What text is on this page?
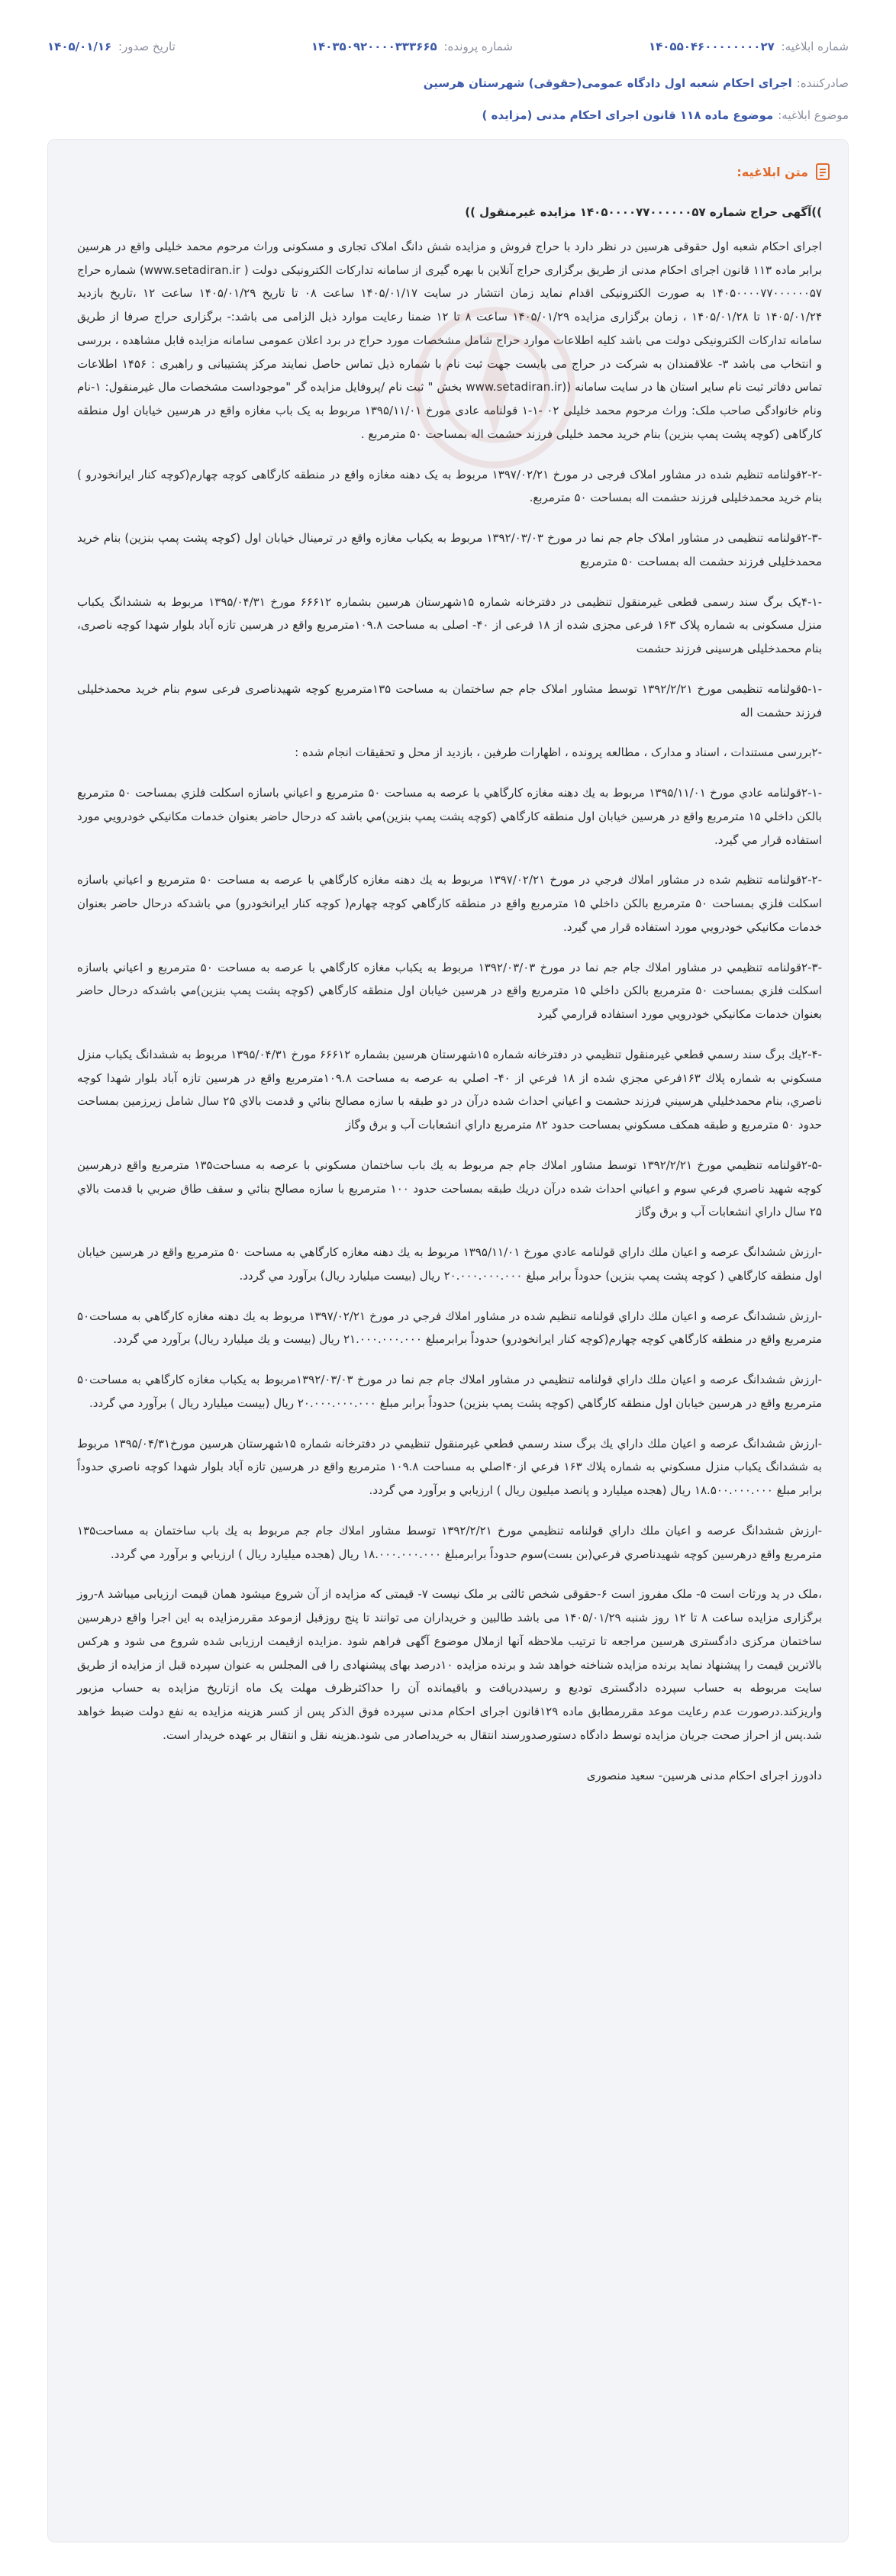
شماره ابلاغیه: ۱۴۰۵۵۰۴۶۰۰۰۰۰۰۰۰۲۷
شماره پرونده: ۱۴۰۳۵۰۹۲۰۰۰۰۳۳۳۶۶۵
تاریخ صدور: ۱۴۰۵/۰۱/۱۶
صادرکننده:
اجرای احکام شعبه اول دادگاه عمومی(حقوقی) شهرستان هرسین
موضوع ابلاغیه:
موضوع ماده ۱۱۸ قانون اجرای احکام مدنی (مزایده )
متن ابلاغیه:

))آگهی حراج شماره ۱۴۰۵۰۰۰۰۷۷۰۰۰۰۰۰۵۷ مزایده غیرمنقول ))

اجرای احکام شعبه اول حقوقی هرسین در نظر دارد با حراج فروش و مزایده شش دانگ املاک تجاری و مسکونی وراث مرحوم محمد خلیلی واقع در هرسین برابر ماده ۱۱۳ قانون اجرای احکام مدنی از طریق برگزاری حراج آنلاین با بهره گیری از سامانه تدارکات الکترونیکی دولت ( www.setadiran.ir) شماره حراج ۱۴۰۵۰۰۰۰۷۷۰۰۰۰۰۰۵۷ به صورت الکترونیکی اقدام نماید زمان انتشار در سایت ۱۴۰۵/۰۱/۱۷ ساعت ۰۸ تا تاریخ ۱۴۰۵/۰۱/۲۹ ساعت ۱۲ ،تاریخ بازدید ۱۴۰۵/۰۱/۲۴ تا ۱۴۰۵/۰۱/۲۸ ، زمان برگزاری مزایده ۱۴۰۵/۰۱/۲۹ ساعت ۸ تا ۱۲ ضمنا رعایت موارد ذیل الزامی می باشد:- برگزاری حراج صرفا از طریق سامانه تدارکات الکترونیکی دولت می باشد کلیه اطلاعات موارد حراج شامل مشخصات مورد حراج در برد اعلان عمومی سامانه مزایده قابل مشاهده ، بررسی و انتخاب می باشد ۳- علاقمندان به شرکت در حراج می بایست جهت ثبت نام با شماره ذیل تماس حاصل نمایند مرکز پشتیبانی و راهبری : ۱۴۵۶ اطلاعات تماس دفاتر ثبت نام سایر استان ها در سایت سامانه ((www.setadiran.ir بخش " ثبت نام /پروفایل مزایده گر "موجوداست مشخصات مال غیرمنقول: ۱-نام ونام خانوادگی صاحب ملک: وراث مرحوم محمد خلیلی ۰۲ -۱-۱ قولنامه عادی مورخ ۱۳۹۵/۱۱/۰۱ مربوط به یک باب مغازه واقع در هرسین خیابان اول منطقه کارگاهی (کوچه پشت پمپ بنزین) بنام خرید محمد خلیلی فرزند حشمت اله بمساحت ۵۰ مترمربع .

-۲-۲قولنامه تنظیم شده در مشاور املاک فرجی در مورخ ۱۳۹۷/۰۲/۲۱ مربوط به یک دهنه مغازه واقع در منطقه کارگاهی کوچه چهارم(کوچه کنار ایرانخودرو ) بنام خرید محمدخلیلی فرزند حشمت اله بمساحت ۵۰ مترمربع.

-۲-۳قولنامه تنظیمی در مشاور املاک جام جم نما در مورخ ۱۳۹۲/۰۳/۰۳ مربوط به یکباب مغازه واقع در ترمینال خیابان اول (کوچه پشت پمپ بنزین) بنام خرید محمدخلیلی فرزند حشمت اله بمساحت ۵۰ مترمربع

-۴-۱یک برگ سند رسمی قطعی غیرمنقول تنظیمی در دفترخانه شماره ۱۵شهرستان هرسین بشماره ۶۶۶۱۲ مورخ ۱۳۹۵/۰۴/۳۱ مربوط به ششدانگ یکباب منزل مسکونی به شماره پلاک ۱۶۳ فرعی مجزی شده از ۱۸ فرعی از ۴۰- اصلی به مساحت ۱۰۹.۸مترمربع واقع در هرسین تازه آباد بلوار شهدا کوچه ناصری، بنام محمدخلیلی هرسینی فرزند حشمت

-۵-۱قولنامه تنظیمی مورخ ۱۳۹۲/۲/۲۱ توسط مشاور املاک جام جم ساختمان به مساحت ۱۳۵مترمربع کوچه شهیدناصری فرعی سوم بنام خرید محمدخلیلی فرزند حشمت اله

-۲بررسی مستندات ، اسناد و مدارک ، مطالعه پرونده ، اظهارات طرفین ، بازدید از محل و تحقیقات انجام شده :

-۲-۱قولنامه عادي مورخ ۱۳۹۵/۱۱/۰۱ مربوط به يك دهنه مغازه كارگاهي با عرصه به مساحت ۵۰ مترمربع و اعياني باسازه اسكلت فلزي بمساحت ۵۰ مترمربع بالكن داخلي ۱۵ مترمربع واقع در هرسين خيابان اول منطقه كارگاهي (كوچه پشت پمپ بنزين)مي باشد كه درحال حاضر بعنوان خدمات مكانيكي خودرويي مورد استفاده قرار مي گيرد.

-۲-۲قولنامه تنظيم شده در مشاور املاك فرجي در مورخ ۱۳۹۷/۰۲/۲۱ مربوط به يك دهنه مغازه كارگاهي با عرصه به مساحت ۵۰ مترمربع و اعياني باسازه اسكلت فلزي بمساحت ۵۰ مترمربع بالكن داخلي ۱۵ مترمربع واقع در منطقه كارگاهي كوچه چهارم( كوچه كنار ايرانخودرو) مي باشدكه درحال حاضر بعنوان خدمات مكانيكي خودرويي مورد استفاده قرار مي گيرد.

-۲-۳قولنامه تنظيمي در مشاور املاك جام جم نما در مورخ ۱۳۹۲/۰۳/۰۳ مربوط به يكباب مغازه كارگاهي با عرصه به مساحت ۵۰ مترمربع و اعياني باسازه اسكلت فلزي بمساحت ۵۰ مترمربع بالكن داخلي ۱۵ مترمربع واقع در هرسين خيابان اول منطقه كارگاهي (كوچه پشت پمپ بنزين)مي باشدكه درحال حاضر بعنوان خدمات مكانيكي خودرويي مورد استفاده قرارمي گيرد

-۲-۴يك برگ سند رسمي قطعي غيرمنقول تنظيمي در دفترخانه شماره ۱۵شهرستان هرسين بشماره ۶۶۶۱۲ مورخ ۱۳۹۵/۰۴/۳۱ مربوط به ششدانگ يكباب منزل مسكوني به شماره پلاك ۱۶۳فرعي مجزي شده از ۱۸ فرعي از ۴۰- اصلي به عرصه به مساحت ۱۰۹.۸مترمربع واقع در هرسين تازه آباد بلوار شهدا كوچه ناصري، بنام محمدخليلي هرسيني فرزند حشمت و اعياني احداث شده درآن در دو طبقه با سازه مصالح بنائي و قدمت بالاي ۲۵ سال شامل زيرزمين بمساحت حدود ۵۰ مترمربع و طبقه همكف مسكوني بمساحت حدود ۸۲ مترمربع داراي انشعابات آب و برق وگاز

-۲-۵قولنامه تنظيمي مورخ ۱۳۹۲/۲/۲۱ توسط مشاور املاك جام جم مربوط به يك باب ساختمان مسكوني با عرصه به مساحت۱۳۵ مترمربع واقع درهرسين كوچه شهيد ناصري فرعي سوم و اعياني احداث شده درآن دريك طبقه بمساحت حدود ۱۰۰ مترمربع با سازه مصالح بنائي و سقف طاق ضربي با قدمت بالاي ۲۵ سال داراي انشعابات آب و برق وگاز

-ارزش ششدانگ عرصه و اعيان ملك داراي قولنامه عادي مورخ ۱۳۹۵/۱۱/۰۱ مربوط به يك دهنه مغازه كارگاهي به مساحت ۵۰ مترمربع واقع در هرسين خيابان اول منطقه كارگاهي ( كوچه پشت پمپ بنزين) حدوداً برابر مبلغ ۲۰.۰۰۰.۰۰۰.۰۰۰ ريال (بيست ميليارد ريال) برآورد مي گردد.

-ارزش ششدانگ عرصه و اعيان ملك داراي قولنامه تنظيم شده در مشاور املاك فرجي در مورخ ۱۳۹۷/۰۲/۲۱ مربوط به يك دهنه مغازه كارگاهي به مساحت۵۰ مترمربع واقع در منطقه كارگاهي كوچه چهارم(كوچه كنار ايرانخودرو) حدوداً برابرمبلغ ۲۱.۰۰۰.۰۰۰.۰۰۰ ريال (بيست و يك ميليارد ريال) برآورد مي گردد.

-ارزش ششدانگ عرصه و اعيان ملك داراي قولنامه تنظيمي در مشاور املاك جام جم نما در مورخ ۱۳۹۲/۰۳/۰۳مربوط به يكباب مغازه كارگاهي به مساحت۵۰ مترمربع واقع در هرسين خيابان اول منطقه كارگاهي (كوچه پشت پمپ بنزين) حدوداً برابر مبلغ ۲۰.۰۰۰.۰۰۰.۰۰۰ ريال (بيست ميليارد ريال ) برآورد مي گردد.

-ارزش ششدانگ عرصه و اعيان ملك داراي يك برگ سند رسمي قطعي غيرمنقول تنظيمي در دفترخانه شماره ۱۵شهرستان هرسين مورخ۱۳۹۵/۰۴/۳۱ مربوط به ششدانگ يكباب منزل مسكوني به شماره پلاك ۱۶۳ فرعي از۴۰اصلي به مساحت ۱۰۹.۸ مترمربع واقع در هرسين تازه آباد بلوار شهدا كوچه ناصري حدوداً برابر مبلغ ۱۸.۵۰۰.۰۰۰.۰۰۰ ريال (هجده ميليارد و پانصد ميليون ريال ) ارزيابي و برآورد مي گردد.

-ارزش ششدانگ عرصه و اعيان ملك داراي قولنامه تنظيمي مورخ ۱۳۹۲/۲/۲۱ توسط مشاور املاك جام جم مربوط به يك باب ساختمان به مساحت۱۳۵ مترمربع واقع درهرسين كوچه شهيدناصري فرعي(بن بست)سوم حدوداً برابرمبلغ ۱۸.۰۰۰.۰۰۰.۰۰۰ ريال (هجده ميليارد ريال ) ارزيابي و برآورد مي گردد.

،ملک در ید ورثات است ۵- ملک مفروز است ۶-حقوقی شخص ثالثی بر ملک نیست ۷- قیمتی که مزایده از آن شروع میشود همان قیمت ارزیابی میباشد ۸-روز برگزاری مزایده ساعت ۸ تا ۱۲ روز شنبه ۱۴۰۵/۰۱/۲۹ می باشد طالبین و خریداران می توانند تا پنج روزقبل ازموعد مقررمزایده به این اجرا واقع درهرسین ساختمان مرکزی دادگستری هرسین مراجعه تا ترتیب ملاحظه آنها ازملال موضوع آگهی فراهم شود .مزایده ازقیمت ارزیابی شده شروع می شود و هرکس بالاترین قیمت را پیشنهاد نماید برنده مزایده شناخته خواهد شد و برنده مزایده ۱۰درصد بهای پیشنهادی را فی المجلس به عنوان سپرده قبل از مزایده از طریق سایت مربوطه به حساب سپرده دادگستری تودیع و رسیددریافت و باقیمانده آن را حداکثرظرف مهلت یک ماه ازتاریخ مزایده به حساب مزبور واریزکند.درصورت عدم رعایت موعد مقررمطابق ماده ۱۲۹قانون اجرای احکام مدنی سپرده فوق الذکر پس از کسر هزینه مزایده به نفع دولت ضبط خواهد شد.پس از احراز صحت جریان مزایده توسط دادگاه دستورصدورسند انتقال به خریداصادر می شود.هزینه نقل و انتقال بر عهده خریدار است.

دادورز اجرای احکام مدنی هرسین- سعید منصوری
